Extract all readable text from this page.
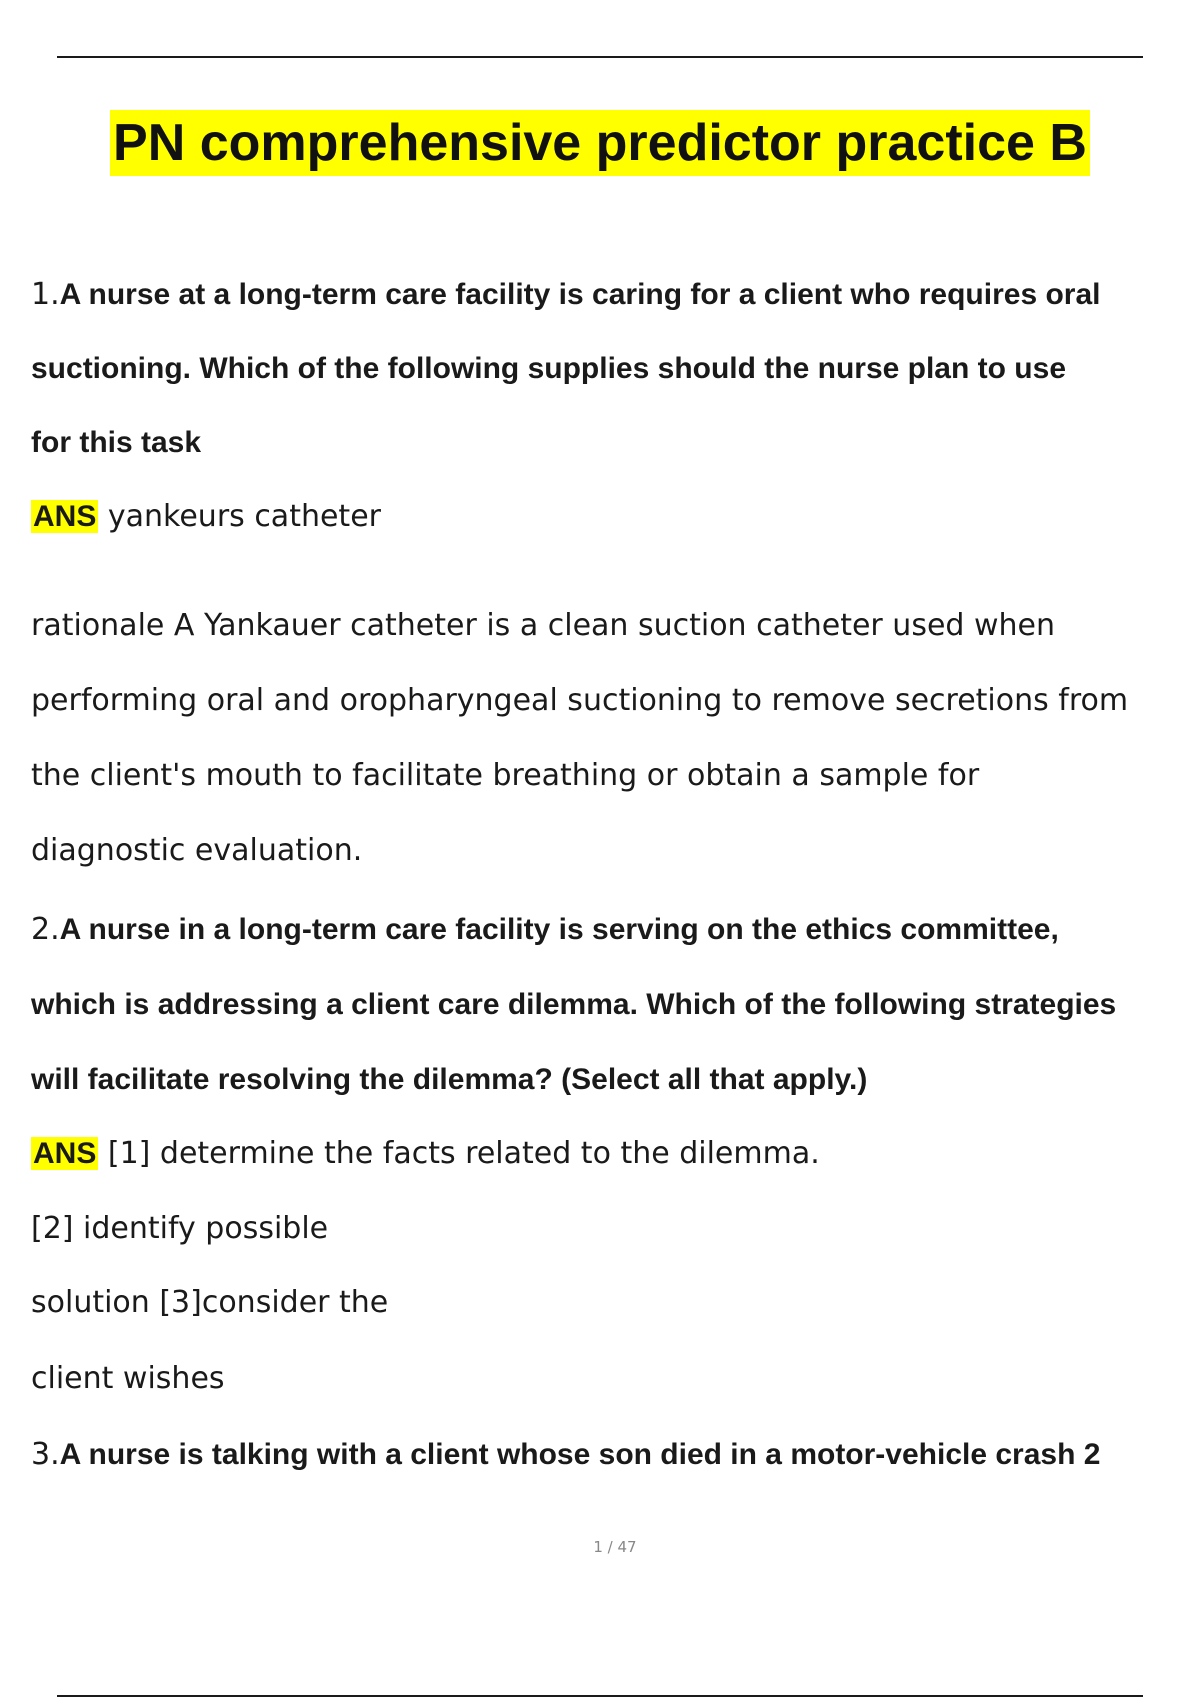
PN comprehensive predictor practice B
1.A nurse at a long-term care facility is caring for a client who requires oral
suctioning. Which of the following supplies should the nurse plan to use
for this task
ANS yankeurs catheter
rationale A Yankauer catheter is a clean suction catheter used when
performing oral and oropharyngeal suctioning to remove secretions from
the client's mouth to facilitate breathing or obtain a sample for
diagnostic evaluation.
2.A nurse in a long-term care facility is serving on the ethics committee,
which is addressing a client care dilemma. Which of the following strategies
will facilitate resolving the dilemma? (Select all that apply.)
ANS [1] determine the facts related to the dilemma.
[2] identify possible
solution [3]consider the
client wishes
3.A nurse is talking with a client whose son died in a motor-vehicle crash 2
1 / 47
